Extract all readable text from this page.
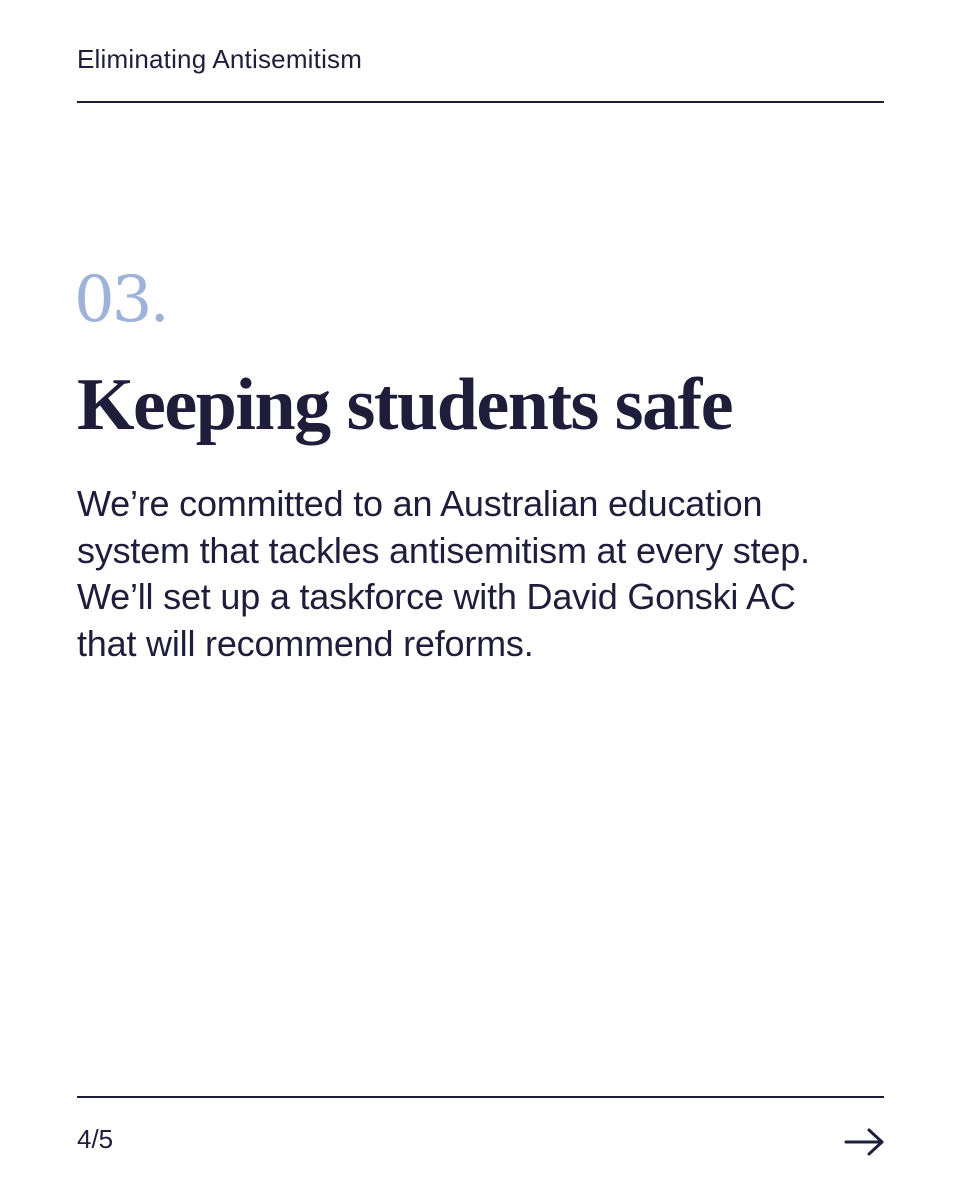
Eliminating Antisemitism
03.
Keeping students safe
We’re committed to an Australian education
system that tackles antisemitism at every step.
We’ll set up a taskforce with David Gonski AC
that will recommend reforms.
4/5
